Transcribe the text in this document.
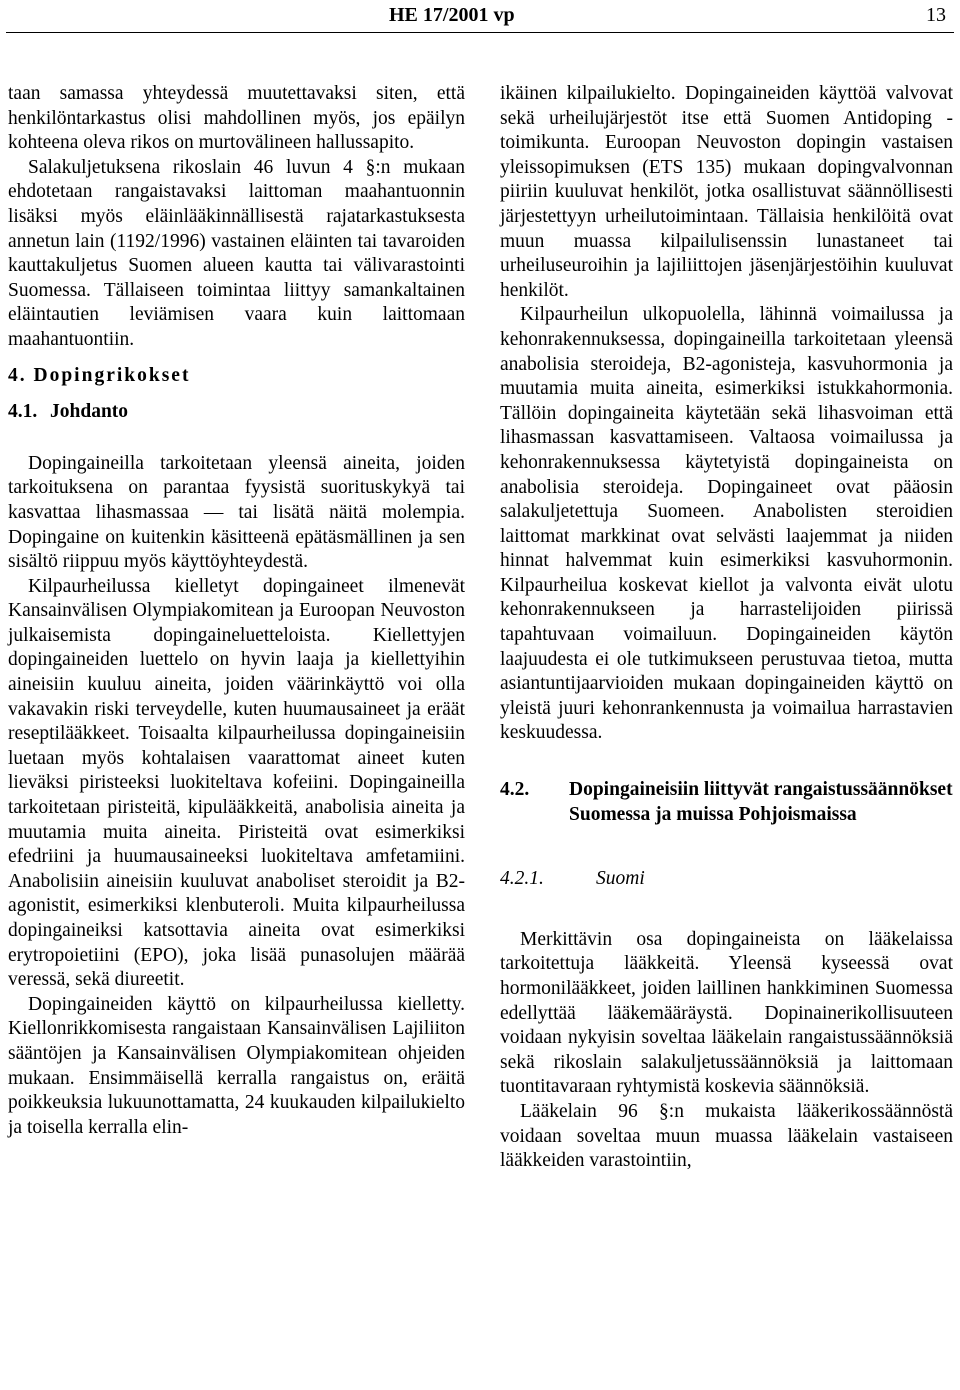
HE 17/2001 vp	13

taan samassa yhteydessä muutettavaksi siten, että henkilöntarkastus olisi mahdollinen myös, jos epäilyn kohteena oleva rikos on murtovälineen hallussapito.

Salakuljetuksena rikoslain 46 luvun 4 §:n mukaan ehdotetaan rangaistavaksi laittoman maahantuonnin lisäksi myös eläinlääkinnällisestä rajatarkastuksesta annetun lain (1192/1996) vastainen eläinten tai tavaroiden kauttakuljetus Suomen alueen kautta tai välivarastointi Suomessa. Tällaiseen toimintaa liittyy samankaltainen eläintautien leviämisen vaara kuin laittomaan maahantuontiin.

4. Dopingrikokset
4.1. Johdanto

Dopingaineilla tarkoitetaan yleensä aineita, joiden tarkoituksena on parantaa fyysistä suorituskykyä tai kasvattaa lihasmassaa — tai lisätä näitä molempia. Dopingaine on kuitenkin käsitteenä epätäsmällinen ja sen sisältö riippuu myös käyttöyhteydestä.

Kilpaurheilussa kielletyt dopingaineet ilmenevät Kansainvälisen Olympiakomitean ja Euroopan Neuvoston julkaisemista dopingaineluetteloista. Kiellettyjen dopingaineiden luettelo on hyvin laaja ja kiellettyihin aineisiin kuuluu aineita, joiden väärinkäyttö voi olla vakavakin riski terveydelle, kuten huumausaineet ja eräät reseptilääkkeet. Toisaalta kilpaurheilussa dopingaineisiin luetaan myös kohtalaisen vaarattomat aineet kuten lieväksi piristeeksi luokiteltava kofeiini. Dopingaineilla tarkoitetaan piristeitä, kipulääkkeitä, anabolisia aineita ja muutamia muita aineita. Piristeitä ovat esimerkiksi efedriini ja huumausaineeksi luokiteltava amfetamiini. Anabolisiin aineisiin kuuluvat anaboliset steroidit ja B2-agonistit, esimerkiksi klenbuteroli. Muita kilpaurheilussa dopingaineiksi katsottavia aineita ovat esimerkiksi erytropoietiini (EPO), joka lisää punasolujen määrää veressä, sekä diureetit.

Dopingaineiden käyttö on kilpaurheilussa kielletty. Kiellonrikkomisesta rangaistaan Kansainvälisen Lajiliiton sääntöjen ja Kansainvälisen Olympiakomitean ohjeiden mukaan. Ensimmäisellä kerralla rangaistus on, eräitä poikkeuksia lukuunottamatta, 24 kuukauden kilpailukielto ja toisella kerralla elin-

ikäinen kilpailukielto. Dopingaineiden käyttöä valvovat sekä urheilujärjestöt itse että Suomen Antidoping -toimikunta. Euroopan Neuvoston dopingin vastaisen yleissopimuksen (ETS 135) mukaan dopingvalvonnan piiriin kuuluvat henkilöt, jotka osallistuvat säännöllisesti järjestettyyn urheilutoimintaan. Tällaisia henkilöitä ovat muun muassa kilpailulisenssin lunastaneet tai urheiluseuroihin ja lajiliittojen jäsenjärjestöihin kuuluvat henkilöt.

Kilpaurheilun ulkopuolella, lähinnä voimailussa ja kehonrakennuksessa, dopingaineilla tarkoitetaan yleensä anabolisia steroideja, B2-agonisteja, kasvuhormonia ja muutamia muita aineita, esimerkiksi istukkahormonia. Tällöin dopingaineita käytetään sekä lihasvoiman että lihasmassan kasvattamiseen. Valtaosa voimailussa ja kehonrakennuksessa käytetyistä dopingaineista on anabolisia steroideja. Dopingaineet ovat pääosin salakuljetettuja Suomeen. Anabolisten steroidien laittomat markkinat ovat selvästi laajemmat ja niiden hinnat halvemmat kuin esimerkiksi kasvuhormonin. Kilpaurheilua koskevat kiellot ja valvonta eivät ulotu kehonrakennukseen ja harrastelijoiden piirissä tapahtuvaan voimailuun. Dopingaineiden käytön laajuudesta ei ole tutkimukseen perustuvaa tietoa, mutta asiantuntijaarvioiden mukaan dopingaineiden käyttö on yleistä juuri kehonrankennusta ja voimailua harrastavien keskuudessa.

4.2.	Dopingaineisiin liittyvät rangaistussäännökset Suomessa ja muissa Pohjoismaissa
4.2.1.	Suomi

Merkittävin osa dopingaineista on lääkelaissa tarkoitettuja lääkkeitä. Yleensä kyseessä ovat hormonilääkkeet, joiden laillinen hankkiminen Suomessa edellyttää lääkemääräystä. Dopinainerikollisuuteen voidaan nykyisin soveltaa lääkelain rangaistussäännöksiä sekä rikoslain salakuljetussäännöksiä ja laittomaan tuontitavaraan ryhtymistä koskevia säännöksiä.

Lääkelain 96 §:n mukaista lääkerikossäännöstä voidaan soveltaa muun muassa lääkelain vastaiseen lääkkeiden varastointiin,
